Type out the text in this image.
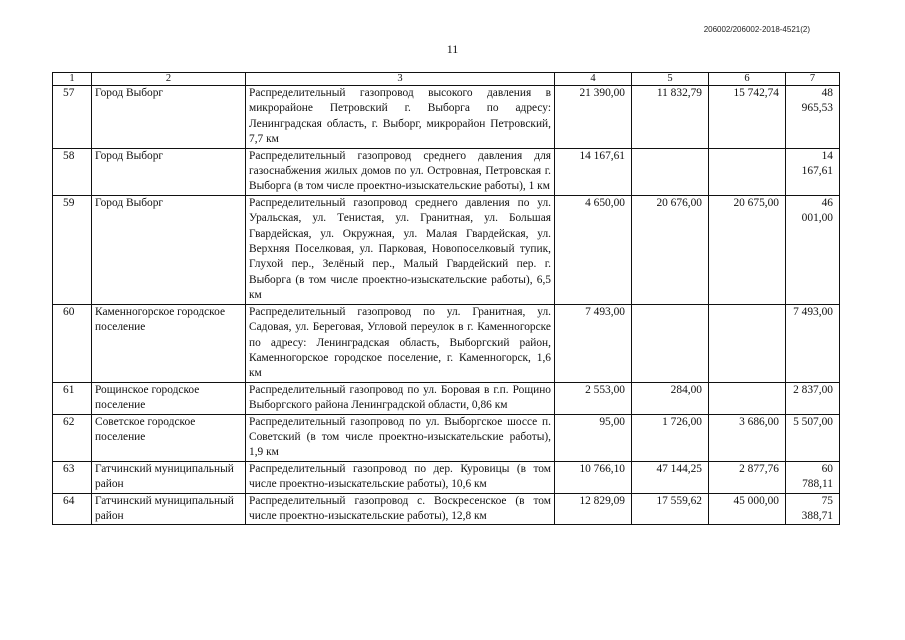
206002/206002-2018-4521(2)
11
1	2	3	4	5	6	7
57	Город Выборг	Распределительный газопровод высокого давления в микрорайоне Петровский г. Выборга по адресу: Ленинградская область, г. Выборг, микрорайон Петровский, 7,7 км	21 390,00	11 832,79	15 742,74	48 965,53
58	Город Выборг	Распределительный газопровод среднего давления для газоснабжения жилых домов по ул. Островная, Петровская г. Выборга (в том числе проектно-изыскательские работы), 1 км	14 167,61			14 167,61
59	Город Выборг	Распределительный газопровод среднего давления по ул. Уральская, ул. Тенистая, ул. Гранитная, ул. Большая Гвардейская, ул. Окружная, ул. Малая Гвардейская, ул. Верхняя Поселковая, ул. Парковая, Новопоселковый тупик, Глухой пер., Зелёный пер., Малый Гвардейский пер. г. Выборга (в том числе проектно-изыскательские работы), 6,5 км	4 650,00	20 676,00	20 675,00	46 001,00
60	Каменногорское городское поселение	Распределительный газопровод по ул. Гранитная, ул. Садовая, ул. Береговая, Угловой переулок в г. Каменногорске по адресу: Ленинградская область, Выборгский район, Каменногорское городское поселение, г. Каменногорск, 1,6 км	7 493,00			7 493,00
61	Рощинское городское поселение	Распределительный газопровод по ул. Боровая в г.п. Рощино Выборгского района Ленинградской области, 0,86 км	2 553,00	284,00		2 837,00
62	Советское городское поселение	Распределительный газопровод по ул. Выборгское шоссе п. Советский (в том числе проектно-изыскательские работы), 1,9 км	95,00	1 726,00	3 686,00	5 507,00
63	Гатчинский муниципальный район	Распределительный газопровод по дер. Куровицы (в том числе проектно-изыскательские работы), 10,6 км	10 766,10	47 144,25	2 877,76	60 788,11
64	Гатчинский муниципальный район	Распределительный газопровод с. Воскресенское (в том числе проектно-изыскательские работы), 12,8 км	12 829,09	17 559,62	45 000,00	75 388,71
